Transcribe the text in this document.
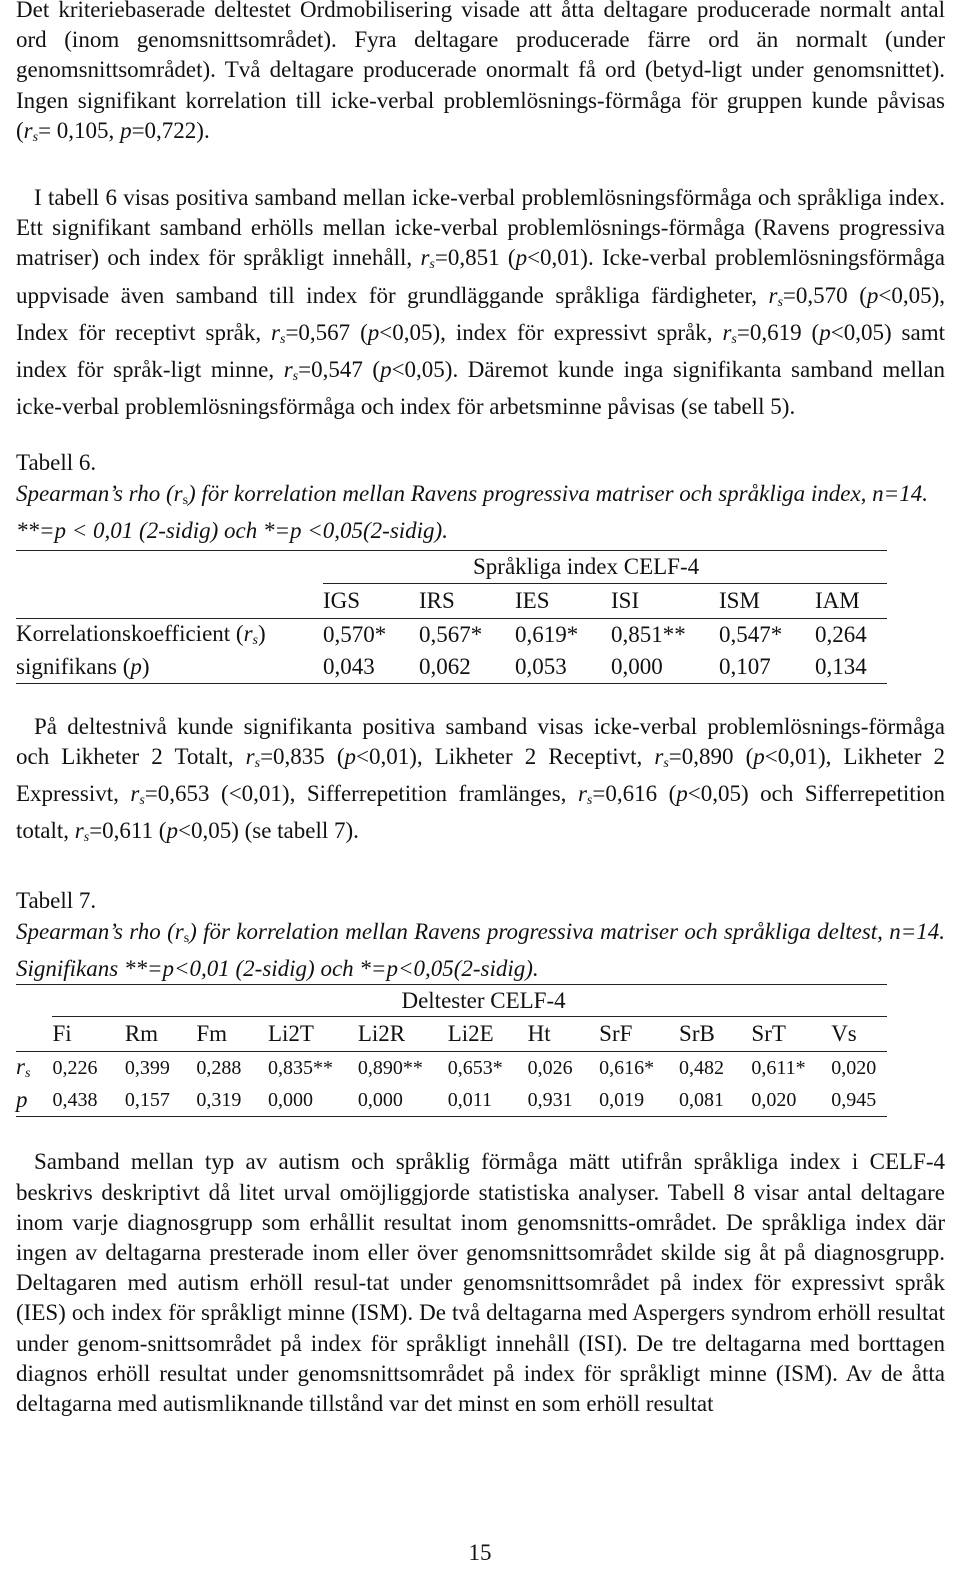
Det kriteriebaserade deltestet Ordmobilisering visade att åtta deltagare producerade normalt antal ord (inom genomsnittsområdet). Fyra deltagare producerade färre ord än normalt (under genomsnittsområdet). Två deltagare producerade onormalt få ord (betyd-ligt under genomsnittet). Ingen signifikant korrelation till icke-verbal problemlösnings-förmåga för gruppen kunde påvisas ($r_s= 0,105$, p=0,722).

I tabell 6 visas positiva samband mellan icke-verbal problemlösningsförmåga och språkliga index. Ett signifikant samband erhölls mellan icke-verbal problemlösnings-förmåga (Ravens progressiva matriser) och index för språkligt innehåll, $r_s=0,851$ (p<0,01). Icke-verbal problemlösningsförmåga uppvisade även samband till index för grundläggande språkliga färdigheter, $r_s=0,570$ (p<0,05), Index för receptivt språk, $r_s=0,567$ (p<0,05), index för expressivt språk, $r_s=0,619$ (p<0,05) samt index för språk-ligt minne, $r_s=0,547$ (p<0,05). Däremot kunde inga signifikanta samband mellan icke-verbal problemlösningsförmåga och index för arbetsminne påvisas (se tabell 5).

Tabell 6.
Spearman’s rho $(r_s)$ för korrelation mellan Ravens progressiva matriser och språkliga index, n=14. **=p < 0,01 (2-sidig) och *=p <0,05(2-sidig).
	Språkliga index CELF-4					
	IGS	IRS	IES	ISI	ISM	IAM
Korrelationskoefficient $(r_s)$	0,570*	0,567*	0,619*	0,851**	0,547*	0,264
signifikans (p)	0,043	0,062	0,053	0,000	0,107	0,134

På deltestnivå kunde signifikanta positiva samband visas icke-verbal problemlösnings-förmåga och Likheter 2 Totalt, $r_s=0,835$ (p<0,01), Likheter 2 Receptivt, $r_s=0,890$ (p<0,01), Likheter 2 Expressivt, $r_s=0,653$ (<0,01), Sifferrepetition framlänges, $r_s=0,616$ (p<0,05) och Sifferrepetition totalt, $r_s=0,611$ (p<0,05) (se tabell 7).

Tabell 7.
Spearman’s rho $(r_s)$ för korrelation mellan Ravens progressiva matriser och språkliga deltest, n=14. Signifikans **=p<0,01 (2-sidig) och *=p<0,05(2-sidig).
	Deltester CELF-4										
	Fi	Rm	Fm	Li2T	Li2R	Li2E	Ht	SrF	SrB	SrT	Vs
$r_s$	0,226	0,399	0,288	0,835**	0,890**	0,653*	0,026	0,616*	0,482	0,611*	0,020
p	0,438	0,157	0,319	0,000	0,000	0,011	0,931	0,019	0,081	0,020	0,945

Samband mellan typ av autism och språklig förmåga mätt utifrån språkliga index i CELF-4 beskrivs deskriptivt då litet urval omöjliggjorde statistiska analyser. Tabell 8 visar antal deltagare inom varje diagnosgrupp som erhållit resultat inom genomsnitts-området. De språkliga index där ingen av deltagarna presterade inom eller över genomsnittsområdet skilde sig åt på diagnosgrupp. Deltagaren med autism erhöll resul-tat under genomsnittsområdet på index för expressivt språk (IES) och index för språkligt minne (ISM). De två deltagarna med Aspergers syndrom erhöll resultat under genom-snittsområdet på index för språkligt innehåll (ISI). De tre deltagarna med borttagen diagnos erhöll resultat under genomsnittsområdet på index för språkligt minne (ISM). Av de åtta deltagarna med autismliknande tillstånd var det minst en som erhöll resultat

15
